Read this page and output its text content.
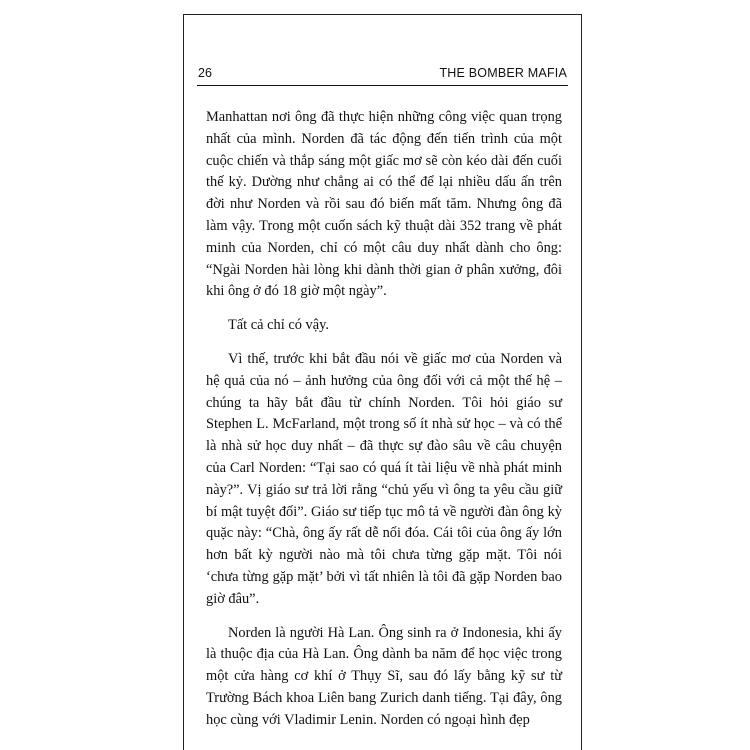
26	THE BOMBER MAFIA

Manhattan nơi ông đã thực hiện những công việc quan trọng nhất của mình. Norden đã tác động đến tiến trình của một cuộc chiến và thắp sáng một giấc mơ sẽ còn kéo dài đến cuối thế kỷ. Dường như chẳng ai có thể để lại nhiều dấu ấn trên đời như Norden và rồi sau đó biến mất tăm. Nhưng ông đã làm vậy. Trong một cuốn sách kỹ thuật dài 352 trang về phát minh của Norden, chỉ có một câu duy nhất dành cho ông: “Ngài Norden hài lòng khi dành thời gian ở phân xưởng, đôi khi ông ở đó 18 giờ một ngày”.

Tất cả chỉ có vậy.

Vì thế, trước khi bắt đầu nói về giấc mơ của Norden và hệ quả của nó – ảnh hưởng của ông đối với cả một thế hệ – chúng ta hãy bắt đầu từ chính Norden. Tôi hỏi giáo sư Stephen L. McFarland, một trong số ít nhà sử học – và có thể là nhà sử học duy nhất – đã thực sự đào sâu về câu chuyện của Carl Norden: “Tại sao có quá ít tài liệu về nhà phát minh này?”. Vị giáo sư trả lời rằng “chủ yếu vì ông ta yêu cầu giữ bí mật tuyệt đối”. Giáo sư tiếp tục mô tả về người đàn ông kỳ quặc này: “Chà, ông ấy rất dễ nổi đóa. Cái tôi của ông ấy lớn hơn bất kỳ người nào mà tôi chưa từng gặp mặt. Tôi nói ‘chưa từng gặp mặt’ bởi vì tất nhiên là tôi đã gặp Norden bao giờ đâu”.

Norden là người Hà Lan. Ông sinh ra ở Indonesia, khi ấy là thuộc địa của Hà Lan. Ông dành ba năm để học việc trong một cửa hàng cơ khí ở Thụy Sĩ, sau đó lấy bằng kỹ sư từ Trường Bách khoa Liên bang Zurich danh tiếng. Tại đây, ông học cùng với Vladimir Lenin. Norden có ngoại hình đẹp
